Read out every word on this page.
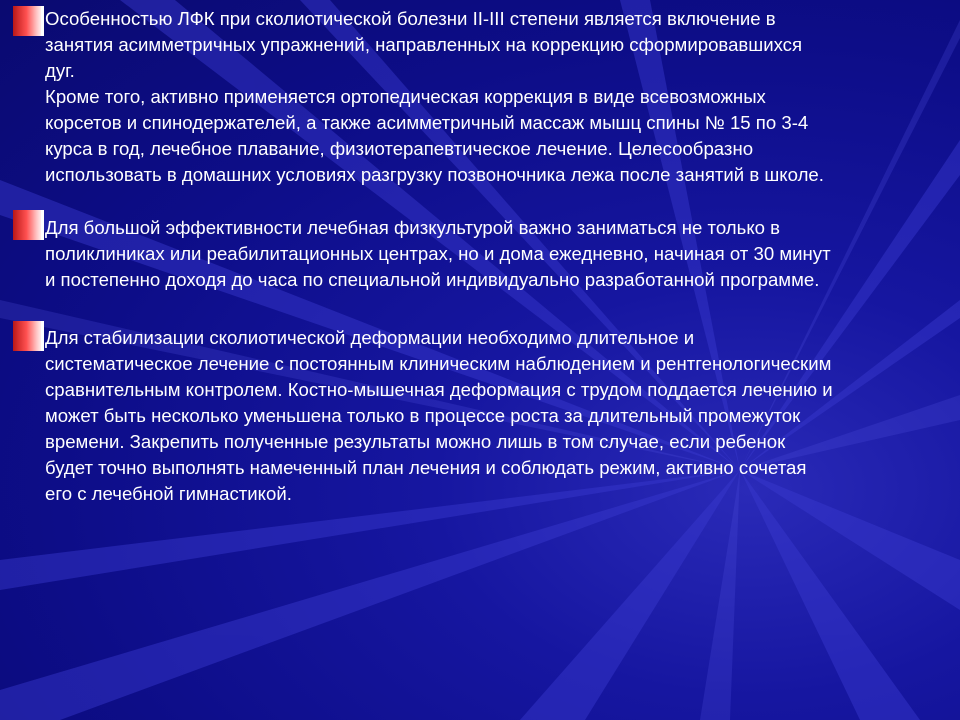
Особенностью ЛФК при сколиотической болезни II-III степени является включение в
занятия асимметричных упражнений, направленных на коррекцию сформировавшихся
дуг.
Кроме того, активно применяется ортопедическая коррекция в виде всевозможных
корсетов и спинодержателей, а также асимметричный массаж мышц спины № 15 по 3-4
курса в год, лечебное плавание, физиотерапевтическое лечение. Целесообразно
использовать в домашних условиях разгрузку позвоночника лежа после занятий в школе.

Для большой эффективности лечебная физкультурой важно заниматься не только в
поликлиниках или реабилитационных центрах, но и дома ежедневно, начиная от 30 минут
и постепенно доходя до часа по специальной индивидуально разработанной программе.

Для стабилизации сколиотической деформации необходимо длительное и
систематическое лечение с постоянным клиническим наблюдением и рентгенологическим
сравнительным контролем. Костно-мышечная деформация с трудом поддается лечению и
может быть несколько уменьшена только в процессе роста за длительный промежуток
времени. Закрепить полученные результаты можно лишь в том случае, если ребенок
будет точно выполнять намеченный план лечения и соблюдать режим, активно сочетая
его с лечебной гимнастикой.
